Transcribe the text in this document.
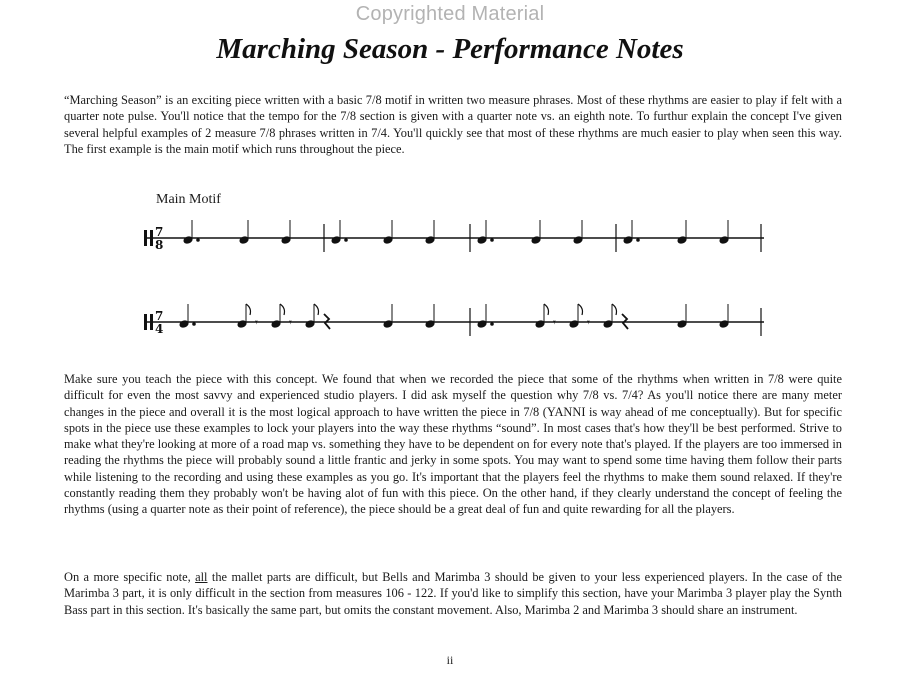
Copyrighted Material
Marching Season - Performance Notes

“Marching Season” is an exciting piece written with a basic 7/8 motif in written two measure phrases. Most of these rhythms are easier to play if felt with a quarter note pulse. You'll notice that the tempo for the 7/8 section is given with a quarter note vs. an eighth note. To furthur explain the concept I've given several helpful examples of 2 measure 7/8 phrases written in 7/4. You'll quickly see that most of these rhythms are much easier to play when seen this way. The first example is the main motif which runs throughout the piece.

Main Motif
7
8
7
4	𝄾	𝄾	𝄾	𝄾

Make sure you teach the piece with this concept. We found that when we recorded the piece that some of the rhythms when written in 7/8 were quite difficult for even the most savvy and experienced studio players. I did ask myself the question why 7/8 vs. 7/4? As you'll notice there are many meter changes in the piece and overall it is the most logical approach to have written the piece in 7/8 (YANNI is way ahead of me conceptually). But for specific spots in the piece use these examples to lock your players into the way these rhythms “sound”. In most cases that's how they'll be best performed. Strive to make what they're looking at more of a road map vs. something they have to be dependent on for every note that's played. If the players are too immersed in reading the rhythms the piece will probably sound a little frantic and jerky in some spots. You may want to spend some time having them follow their parts while listening to the recording and using these examples as you go. It's important that the players feel the rhythms to make them sound relaxed. If they're constantly reading them they probably won't be having alot of fun with this piece. On the other hand, if they clearly understand the concept of feeling the rhythms (using a quarter note as their point of reference), the piece should be a great deal of fun and quite rewarding for all the players.

On a more specific note, all the mallet parts are difficult, but Bells and Marimba 3 should be given to your less experienced players. In the case of the Marimba 3 part, it is only difficult in the section from measures 106 - 122. If you'd like to simplify this section, have your Marimba 3 player play the Synth Bass part in this section. It's basically the same part, but omits the constant movement. Also, Marimba 2 and Marimba 3 should share an instrument.

ii
